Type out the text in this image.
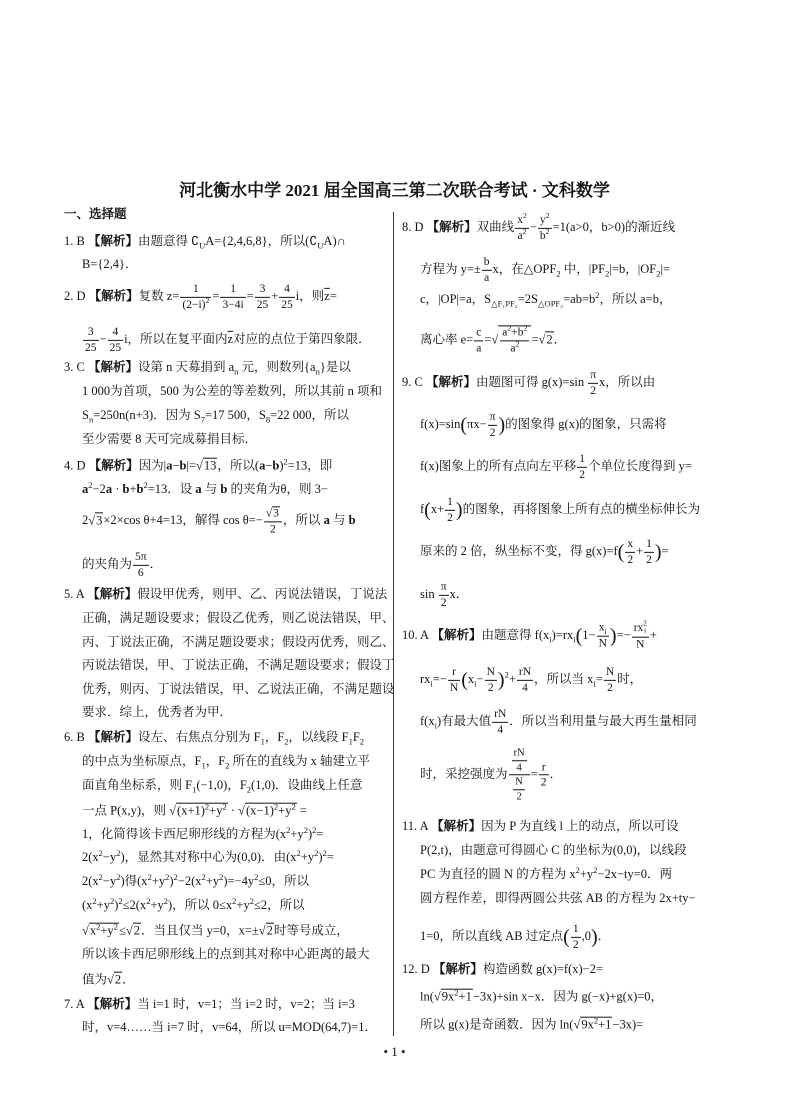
河北衡水中学 2021 届全国高三第二次联合考试 · 文科数学
一、选择题
1. B 【解析】由题意得 $∁_UA=\{2,4,6,8\}$，所以$(∁_UA)\cap$
B={2,4}．
2. D 【解析】复数 $z= \frac{1}{(2-i)^2} = \frac{1}{3-4i} = \frac{3}{25} + \frac{4}{25}$ i，则$\overline{z}=$
$\frac{3}{25} - \frac{4}{25}$ i，所以在复平面内$\overline{z}$对应的点位于第四象限．
3. C 【解析】设第 n 天募捐到 $a_n$ 元，则数列$\{a_n\}$是以
1 000为首项，500 为公差的等差数列，所以其前 n 项和
$S_n=250n(n+3)$．因为 $S_7=17$ 500，$S_8=22$ 000，所以
至少需要 8 天可完成募捐目标．
4. D 【解析】因为|a−b|= √ 13，所以$(a-b)^2=13$，即
$a^2-2a \cdot b+b^2=13$．设 a 与 b 的夹角为θ，则 3−
2 √ 3×2×cos θ+4=13，解得 cos θ=− √ $\frac{3}{2}$ ，所以 a 与 b
的夹角为 $\frac{5\pi}{6}$ ．
5. A 【解析】假设甲优秀，则甲、乙、丙说法错误，丁说法
正确，满足题设要求；假设乙优秀，则乙说法错误，甲、
丙、丁说法正确，不满足题设要求；假设丙优秀，则乙、
丙说法错误，甲、丁说法正确，不满足题设要求；假设丁
优秀，则丙、丁说法错误，甲、乙说法正确，不满足题设
要求．综上，优秀者为甲．
6. B 【解析】设左、右焦点分别为 $F_1$，$F_2$，以线段 $F_1F_2$
的中点为坐标原点，$F_1$，$F_2$ 所在的直线为 x 轴建立平
面直角坐标系，则 $F_1(-1,0)$，$F_2(1,0)$．设曲线上任意
一点 P(x,y)，则 √ $(x+1)^2+y^2$ · √ $(x-1)^2+y^2$ =
1，化简得该卡西尼卵形线的方程为$(x^2+y^2)^2=$
$2(x^2-y^2)$，显然其对称中心为(0,0)．由$(x^2+y^2)^2=$
$2(x^2-y^2)$得$(x^2+y^2)^2-2(x^2+y^2)=-4y^2\le 0$，所以
$(x^2+y^2)^2\le 2(x^2+y^2)$，所以 $0\le x^2+y^2\le 2$，所以
√ $x^2+y^2\le$ √ 2．当且仅当 y=0，x=± √ 2时等号成立，
所以该卡西尼卵形线上的点到其对称中心距离的最大
值为 √ 2．
7. A 【解析】当 i=1 时，v=1；当 i=2 时，v=2；当 i=3
时，v=4……当 i=7 时，v=64，所以 u=MOD(64,7)=1．
8. D 【解析】双曲线 $\frac{x^2}{a^2} - \frac{y^2}{b^2} =1(a>0$，b>0)的渐近线
方程为 $y=\pm \frac{b}{a}$ x，在$\triangle OPF_2$ 中，$|PF_2|=b$，$|OF_2|=$
c，|OP|=a，$S_{\triangle F_1PF_2}=2S_{\triangle OPF_2}=ab=b^2$，所以 a=b，
离心率 $e= \frac{c}{a}$ = √ $\frac{a^2+b^2}{a^2}$ = √ 2．
9. C 【解析】由题图可得 $g(x)=\sin \frac{\pi}{2}$ x，所以由
$f(x)=\sin(\pi x- \frac{\pi}{2}$ )的图象得 g(x)的图象，只需将
f(x)图象上的所有点向左平移 $\frac{1}{2}$ 个单位长度得到 y=
$f(x+ \frac{1}{2}$ )的图象，再将图象上所有点的横坐标伸长为
原来的 2 倍，纵坐标不变，得 $g(x)=f( \frac{x}{2} + \frac{1}{2}$ )=
$\sin \frac{\pi}{2}$ x．
10. A 【解析】由题意得 $f(x_i)=rx_i(1- \frac{x_i}{N}$ )=− rx 2
i
N +
$rx_i=- \frac{r}{N} (x_i- \frac{N}{2} )^2+ \frac{rN}{4}$ ，所以当 $x_i= \frac{N}{2}$ 时，
$f(x_i)$有最大值 $\frac{rN}{4}$ ．所以当利用量与最大再生量相同
时，采挖强度为 $\frac{\frac{rN}{4}}{\frac{N}{2}} = \frac{r}{2}$ ．
11. A 【解析】因为 P 为直线 l 上的动点，所以可设
P(2,t)，由题意可得圆心 C 的坐标为(0,0)，以线段
PC 为直径的圆 N 的方程为 $x^2+y^2-2x-ty=0$．两
圆方程作差，即得两圆公共弦 AB 的方程为 2x+ty−
1=0，所以直线 AB 过定点( $\frac{1}{2} ,0$)．
12. D 【解析】构造函数 g(x)=f(x)−2=
ln( √ $9x^2+1-3x)+\sin$ x−x．因为 g(−x)+g(x)=0，
所以 g(x)是奇函数．因为 ln( √ $9x^2+1-3x)=$
• 1 •
